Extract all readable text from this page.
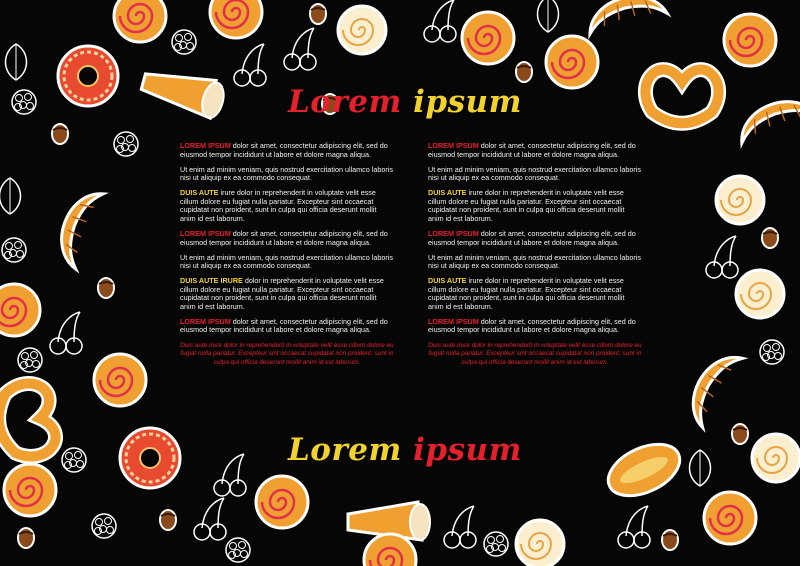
Lorem ipsum

LOREM IPSUM dolor sit amet, consectetur adipiscing elit, sed do eiusmod tempor incididunt ut labore et dolore magna aliqua.

Ut enim ad minim veniam, quis nostrud exercitation ullamco laboris nisi ut aliquip ex ea commodo consequat.

DUIS AUTE irure dolor in reprehenderit in voluptate velit esse cillum dolore eu fugiat nulla pariatur. Excepteur sint occaecat cupidatat non proident, sunt in culpa qui officia deserunt mollit anim id est laborum.

LOREM IPSUM dolor sit amet, consectetur adipiscing elit, sed do eiusmod tempor incididunt ut labore et dolore magna aliqua.

Ut enim ad minim veniam, quis nostrud exercitation ullamco laboris nisi ut aliquip ex ea commodo consequat.

DUIS AUTE IRURE dolor in reprehenderit in voluptate velit esse cillum dolore eu fugiat nulla pariatur. Excepteur sint occaecat cupidatat non proident, sunt in culpa qui officia deserunt mollit anim id est laborum.

LOREM IPSUM dolor sit amet, consectetur adipiscing elit, sed do eiusmod tempor incididunt ut labore et dolore magna aliqua.

Duis aute irure dolor in reprehenderit in voluptate velit esse cillum dolore eu fugiat nulla pariatur. Excepteur sint occaecat cupidatat non proident, sunt in culpa qui officia deserunt mollit anim id est laborum.

LOREM IPSUM dolor sit amet, consectetur adipiscing elit, sed do eiusmod tempor incididunt ut labore et dolore magna aliqua.

Ut enim ad minim veniam, quis nostrud exercitation ullamco laboris nisi ut aliquip ex ea commodo consequat.

DUIS AUTE irure dolor in reprehenderit in voluptate velit esse cillum dolore eu fugiat nulla pariatur. Excepteur sint occaecat cupidatat non proident, sunt in culpa qui officia deserunt mollit anim id est laborum.

LOREM IPSUM dolor sit amet, consectetur adipiscing elit, sed do eiusmod tempor incididunt ut labore et dolore magna aliqua.

Ut enim ad minim veniam, quis nostrud exercitation ullamco laboris nisi ut aliquip ex ea commodo consequat.

DUIS AUTE irure dolor in reprehenderit in voluptate velit esse cillum dolore eu fugiat nulla pariatur. Excepteur sint occaecat cupidatat non proident, sunt in culpa qui officia deserunt mollit anim id est laborum.

LOREM IPSUM dolor sit amet, consectetur adipiscing elit, sed do eiusmod tempor incididunt ut labore et dolore magna aliqua.

Duis aute irure dolor in reprehenderit in voluptate velit esse cillum dolore eu fugiat nulla pariatur. Excepteur sint occaecat cupidatat non proident, sunt in culpa qui officia deserunt mollit anim id est laborum.

Lorem ipsum
